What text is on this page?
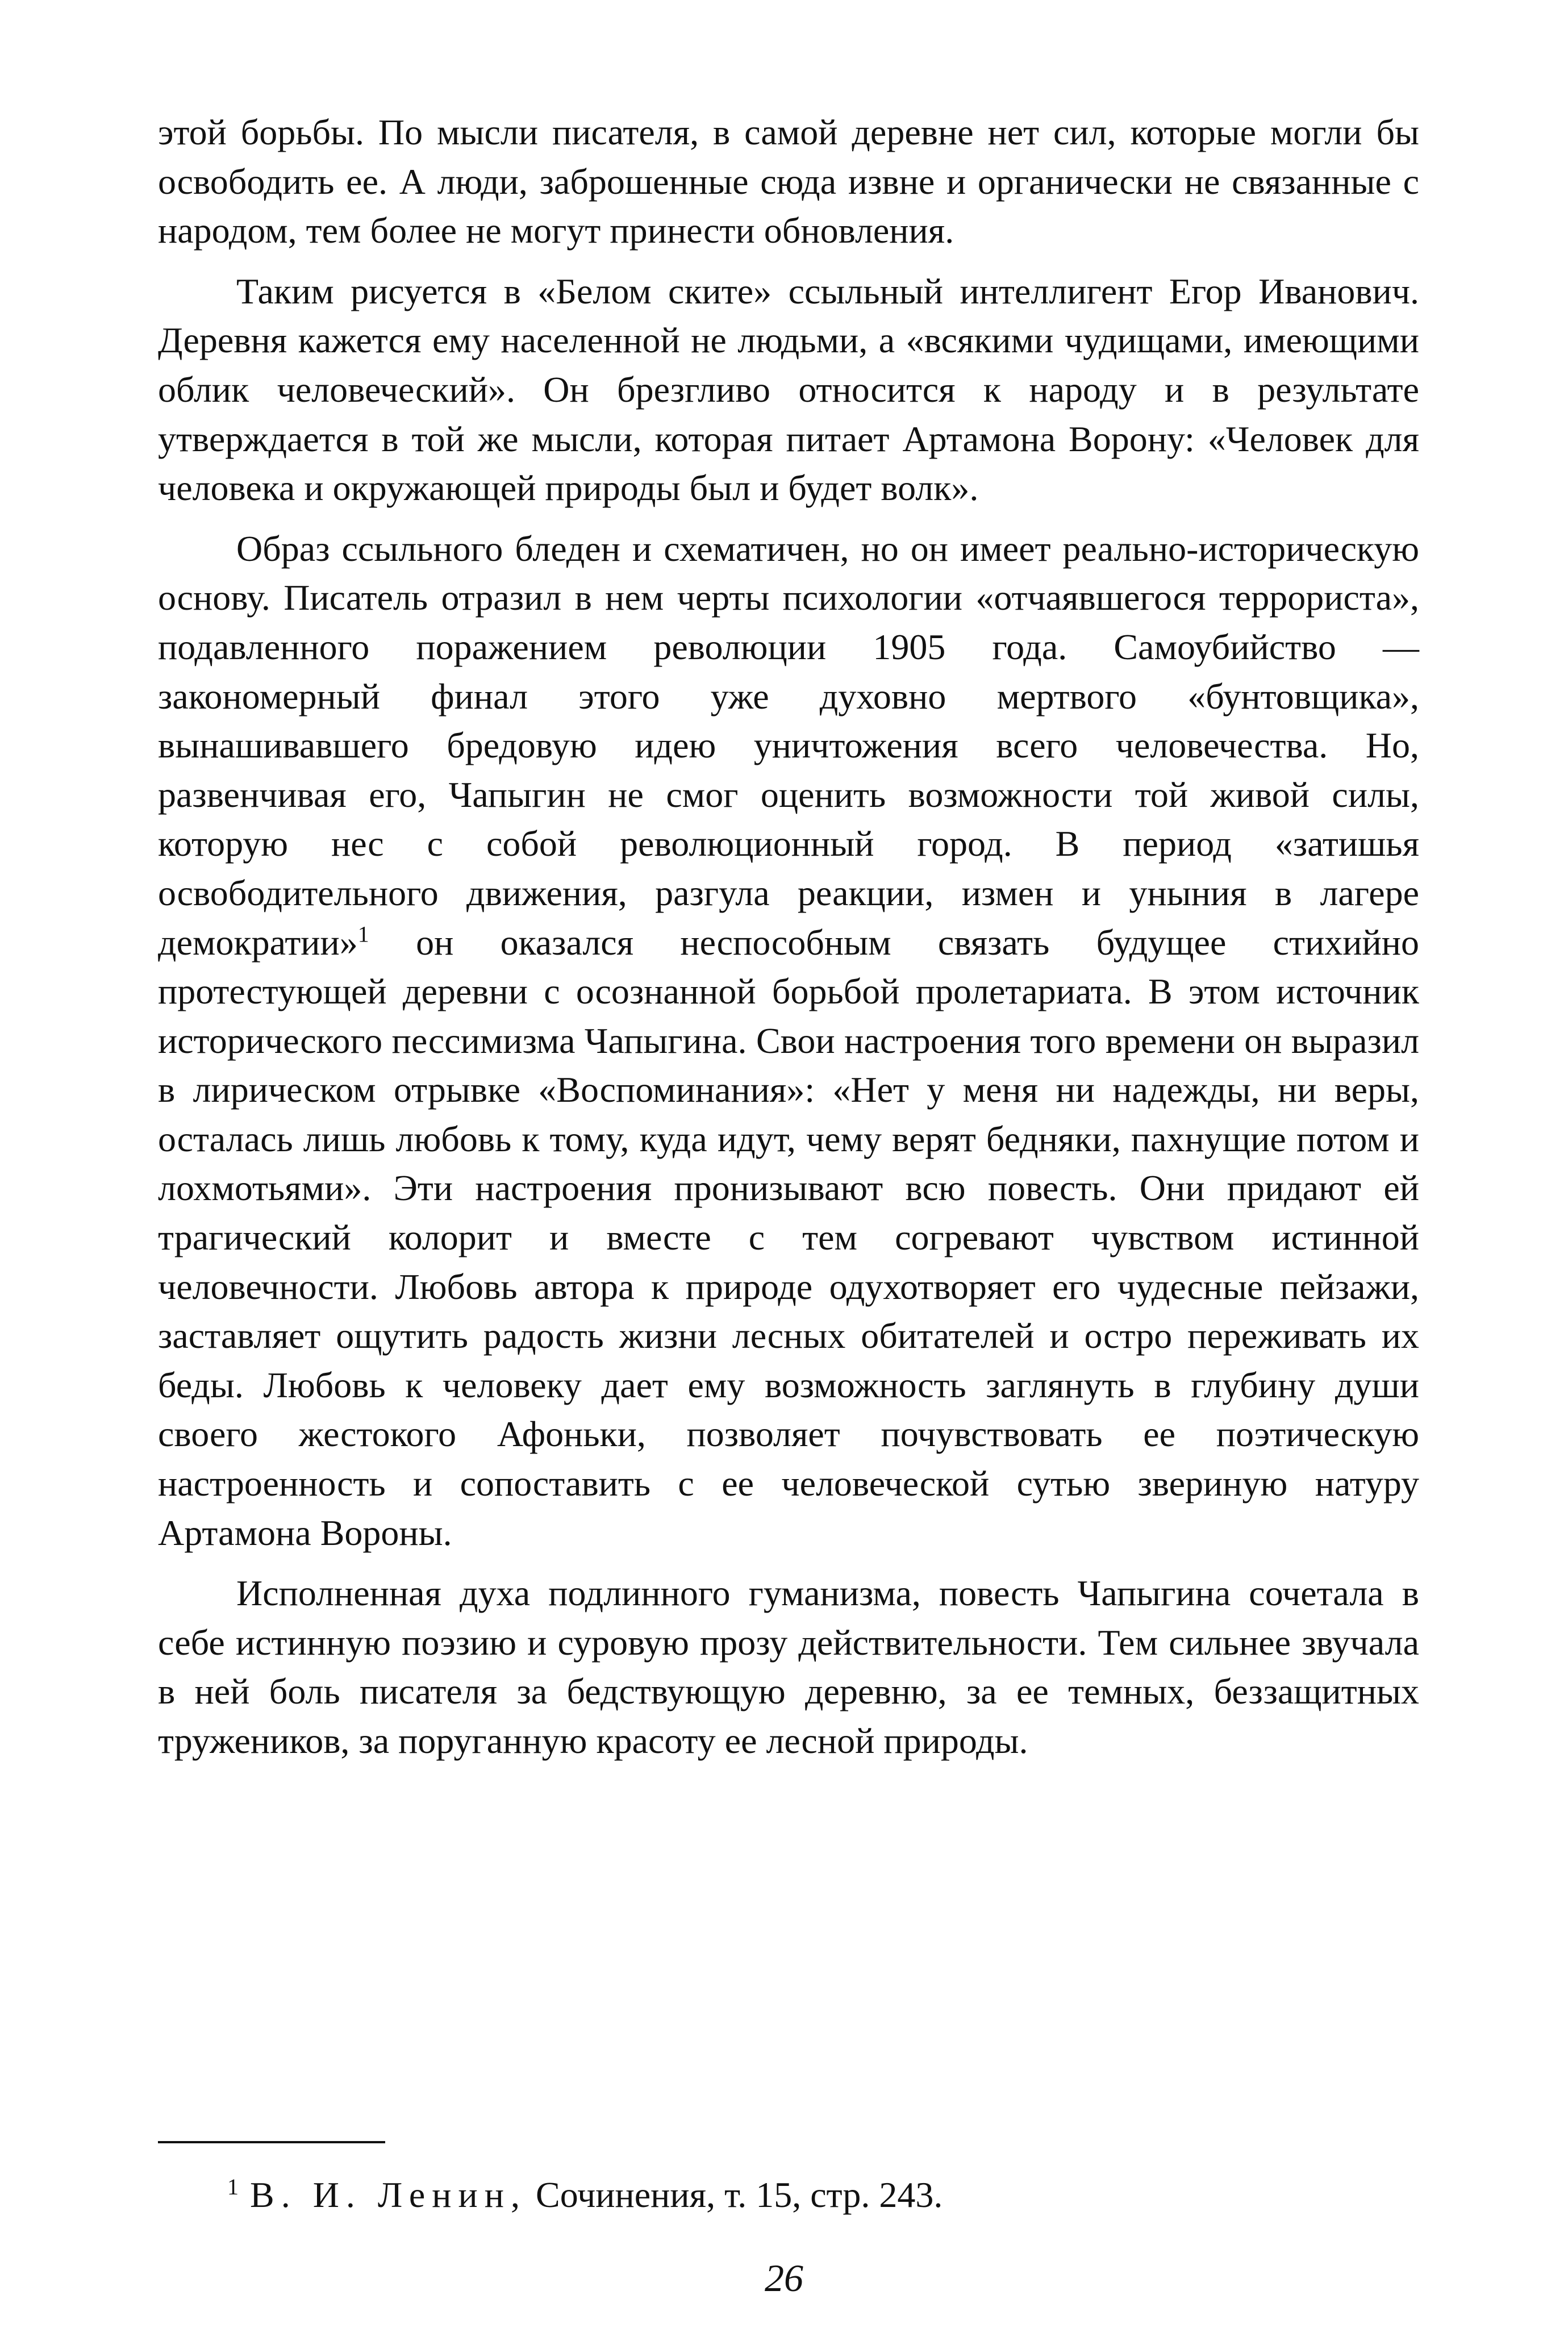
этой борьбы. По мысли писателя, в самой деревне нет сил, которые могли бы освободить ее. А люди, заброшенные сюда извне и органически не связанные с народом, тем более не могут принести обновления.

Таким рисуется в «Белом ските» ссыльный интеллигент Егор Иванович. Деревня кажется ему населенной не людьми, а «всякими чудищами, имеющими облик человеческий». Он брезгливо относится к народу и в результате утверждается в той же мысли, которая питает Артамона Ворону: «Человек для человека и окружающей природы был и будет волк».

Образ ссыльного бледен и схематичен, но он имеет реально-историческую основу. Писатель отразил в нем черты психологии «отчаявшегося террориста», подавленного поражением революции 1905 года. Самоубийство — закономерный финал этого уже духовно мертвого «бунтовщика», вынашивавшего бредовую идею уничтожения всего человечества. Но, развенчивая его, Чапыгин не смог оценить возможности той живой силы, которую нес с собой революционный город. В период «затишья освободительного движения, разгула реакции, измен и уныния в лагере демократии»$^1$ он оказался неспособным связать будущее стихийно протестующей деревни с осознанной борьбой пролетариата. В этом источник исторического пессимизма Чапыгина. Свои настроения того времени он выразил в лирическом отрывке «Воспоминания»: «Нет у меня ни надежды, ни веры, осталась лишь любовь к тому, куда идут, чему верят бедняки, пахнущие потом и лохмотьями». Эти настроения пронизывают всю повесть. Они придают ей трагический колорит и вместе с тем согревают чувством истинной человечности. Любовь автора к природе одухотворяет его чудесные пейзажи, заставляет ощутить радость жизни лесных обитателей и остро переживать их беды. Любовь к человеку дает ему возможность заглянуть в глубину души своего жестокого Афоньки, позволяет почувствовать ее поэтическую настроенность и сопоставить с ее человеческой сутью звериную натуру Артамона Вороны.

Исполненная духа подлинного гуманизма, повесть Чапыгина сочетала в себе истинную поэзию и суровую прозу действительности. Тем сильнее звучала в ней боль писателя за бедствующую деревню, за ее темных, беззащитных тружеников, за поруганную красоту ее лесной природы.

$^1$ В. И. Ленин, Сочинения, т. 15, стр. 243.
26
